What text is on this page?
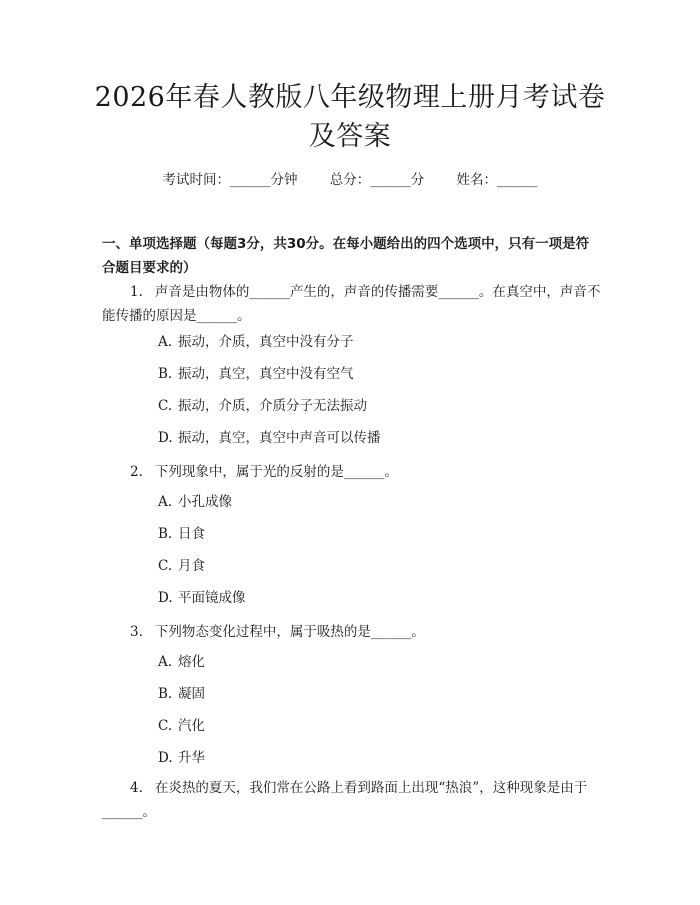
2026年春人教版八年级物理上册月考试卷及答案
考试时间：______分钟 总分：______分 姓名：______
一、单项选择题（每题3分，共30分。在每小题给出的四个选项中，只有一项是符合题目要求的）
1. 声音是由物体的______产生的，声音的传播需要______。在真空中，声音不能传播的原因是______。
A. 振动，介质，真空中没有分子
B. 振动，真空，真空中没有空气
C. 振动，介质，介质分子无法振动
D. 振动，真空，真空中声音可以传播
2. 下列现象中，属于光的反射的是______。
A. 小孔成像
B. 日食
C. 月食
D. 平面镜成像
3. 下列物态变化过程中，属于吸热的是______。
A. 熔化
B. 凝固
C. 汽化
D. 升华
4. 在炎热的夏天，我们常在公路上看到路面上出现“热浪”，这种现象是由于______。
